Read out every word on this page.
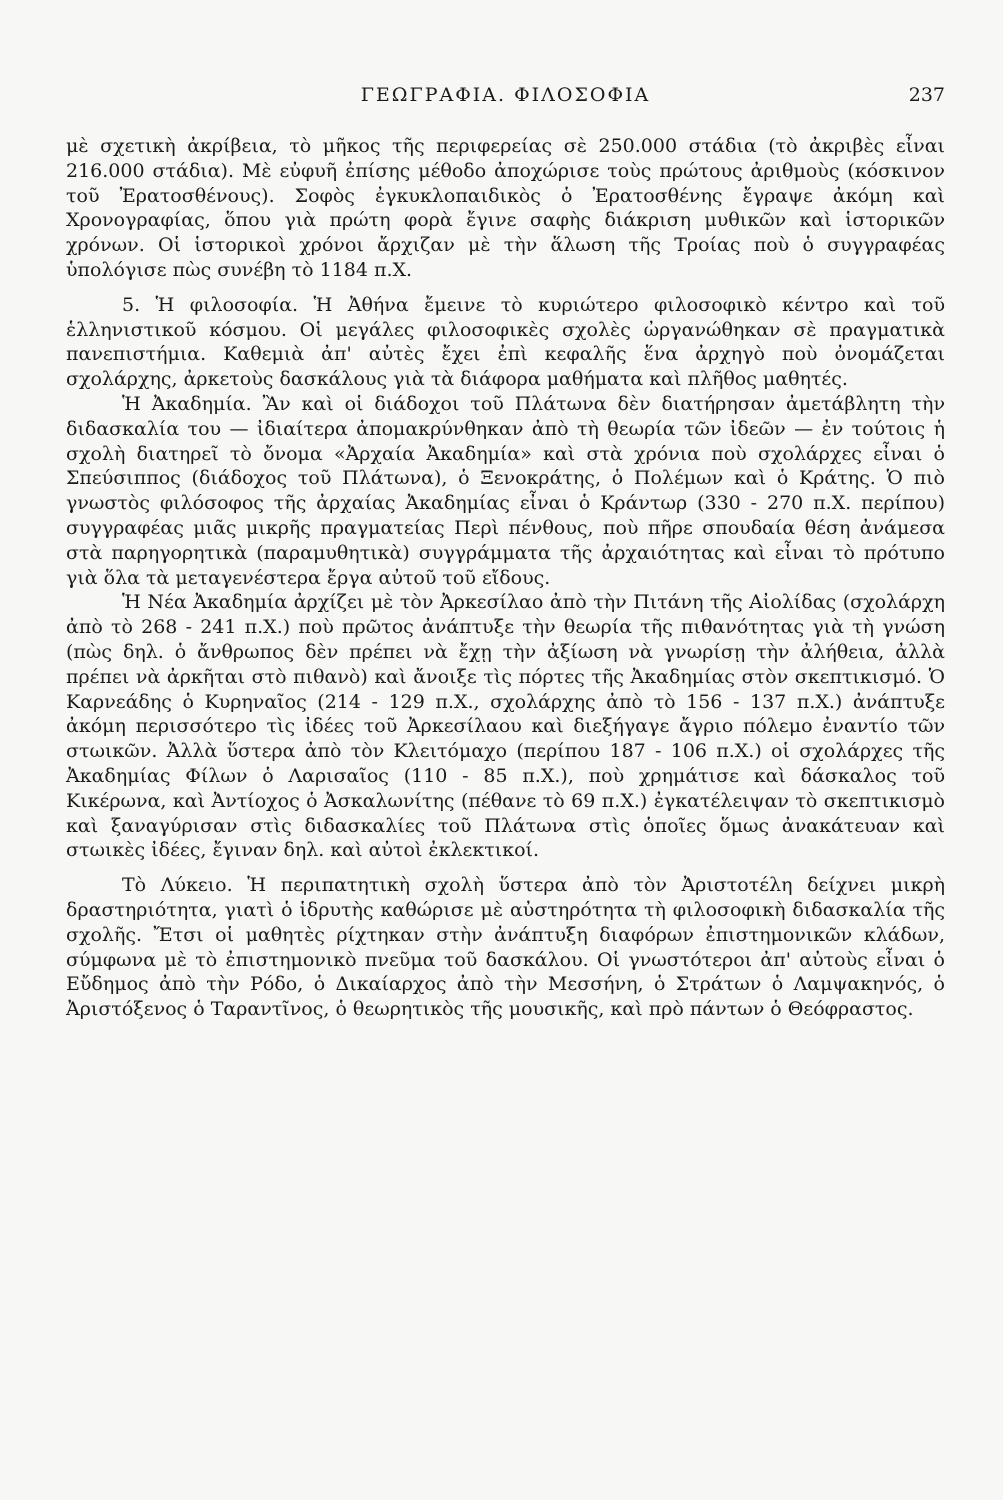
ΓΕΩΓΡΑΦΙΑ. ΦΙΛΟΣΟΦΙΑ	237

μὲ σχετικὴ ἀκρίβεια, τὸ μῆκος τῆς περιφερείας σὲ 250.000 στάδια (τὸ ἀκριβὲς εἶναι 216.000 στάδια). Μὲ εὐφυῆ ἐπίσης μέθοδο ἀποχώρισε τοὺς πρώτους ἀριθμοὺς (κόσκινον τοῦ Ἐρατοσθένους). Σοφὸς ἐγκυκλοπαιδικὸς ὁ Ἐρατοσθένης ἔγραψε ἀκόμη καὶ Χρονογραφίας, ὅπου γιὰ πρώτη φορὰ ἔγινε σαφὴς διάκριση μυθικῶν καὶ ἱστορικῶν χρόνων. Οἱ ἱστορικοὶ χρόνοι ἄρχιζαν μὲ τὴν ἅλωση τῆς Τροίας ποὺ ὁ συγγραφέας ὑπολόγισε πὼς συνέβη τὸ 1184 π.Χ.

5. Ἡ φιλοσοφία. Ἡ Ἀθήνα ἔμεινε τὸ κυριώτερο φιλοσοφικὸ κέντρο καὶ τοῦ ἑλληνιστικοῦ κόσμου. Οἱ μεγάλες φιλοσοφικὲς σχολὲς ὠργανώθηκαν σὲ πραγματικὰ πανεπιστήμια. Καθεμιὰ ἀπ' αὐτὲς ἔχει ἐπὶ κεφαλῆς ἕνα ἀρχηγὸ ποὺ ὀνομάζεται σχολάρχης, ἀρκετοὺς δασκάλους γιὰ τὰ διάφορα μαθήματα καὶ πλῆθος μαθητές.

Ἡ Ἀκαδημία. Ἂν καὶ οἱ διάδοχοι τοῦ Πλάτωνα δὲν διατήρησαν ἀμετάβλητη τὴν διδασκαλία του — ἰδιαίτερα ἀπομακρύνθηκαν ἀπὸ τὴ θεωρία τῶν ἰδεῶν — ἐν τούτοις ἡ σχολὴ διατηρεῖ τὸ ὄνομα «Ἀρχαία Ἀκαδημία» καὶ στὰ χρόνια ποὺ σχολάρχες εἶναι ὁ Σπεύσιππος (διάδοχος τοῦ Πλάτωνα), ὁ Ξενοκράτης, ὁ Πολέμων καὶ ὁ Κράτης. Ὁ πιὸ γνωστὸς φιλόσοφος τῆς ἀρχαίας Ἀκαδημίας εἶναι ὁ Κράντωρ (330 - 270 π.Χ. περίπου) συγγραφέας μιᾶς μικρῆς πραγματείας Περὶ πένθους, ποὺ πῆρε σπουδαία θέση ἀνάμεσα στὰ παρηγορητικὰ (παραμυθητικὰ) συγγράμματα τῆς ἀρχαιότητας καὶ εἶναι τὸ πρότυπο γιὰ ὅλα τὰ μεταγενέστερα ἔργα αὐτοῦ τοῦ εἴδους.

Ἡ Νέα Ἀκαδημία ἀρχίζει μὲ τὸν Ἀρκεσίλαο ἀπὸ τὴν Πιτάνη τῆς Αἰολίδας (σχολάρχη ἀπὸ τὸ 268 - 241 π.Χ.) ποὺ πρῶτος ἀνάπτυξε τὴν θεωρία τῆς πιθανότητας γιὰ τὴ γνώση (πὼς δηλ. ὁ ἄνθρωπος δὲν πρέπει νὰ ἔχῃ τὴν ἀξίωση νὰ γνωρίσῃ τὴν ἀλήθεια, ἀλλὰ πρέπει νὰ ἀρκῆται στὸ πιθανὸ) καὶ ἄνοιξε τὶς πόρτες τῆς Ἀκαδημίας στὸν σκεπτικισμό. Ὁ Καρνεάδης ὁ Κυρηναῖος (214 - 129 π.Χ., σχολάρχης ἀπὸ τὸ 156 - 137 π.Χ.) ἀνάπτυξε ἀκόμη περισσότερο τὶς ἰδέες τοῦ Ἀρκεσίλαου καὶ διεξήγαγε ἄγριο πόλεμο ἐναντίο τῶν στωικῶν. Ἀλλὰ ὕστερα ἀπὸ τὸν Κλειτόμαχο (περίπου 187 - 106 π.Χ.) οἱ σχολάρχες τῆς Ἀκαδημίας Φίλων ὁ Λαρισαῖος (110 - 85 π.Χ.), ποὺ χρημάτισε καὶ δάσκαλος τοῦ Κικέρωνα, καὶ Ἀντίοχος ὁ Ἀσκαλωνίτης (πέθανε τὸ 69 π.Χ.) ἐγκατέλειψαν τὸ σκεπτικισμὸ καὶ ξαναγύρισαν στὶς διδασκαλίες τοῦ Πλάτωνα στὶς ὁποῖες ὅμως ἀνακάτευαν καὶ στωικὲς ἰδέες, ἔγιναν δηλ. καὶ αὐτοὶ ἐκλεκτικοί.

Τὸ Λύκειο. Ἡ περιπατητικὴ σχολὴ ὕστερα ἀπὸ τὸν Ἀριστοτέλη δείχνει μικρὴ δραστηριότητα, γιατὶ ὁ ἱδρυτὴς καθώρισε μὲ αὐστηρότητα τὴ φιλοσοφικὴ διδασκαλία τῆς σχολῆς. Ἔτσι οἱ μαθητὲς ρίχτηκαν στὴν ἀνάπτυξη διαφόρων ἐπιστημονικῶν κλάδων, σύμφωνα μὲ τὸ ἐπιστημονικὸ πνεῦμα τοῦ δασκάλου. Οἱ γνωστότεροι ἀπ' αὐτοὺς εἶναι ὁ Εὔδημος ἀπὸ τὴν Ρόδο, ὁ Δικαίαρχος ἀπὸ τὴν Μεσσήνη, ὁ Στράτων ὁ Λαμψακηνός, ὁ Ἀριστόξενος ὁ Ταραντῖνος, ὁ θεωρητικὸς τῆς μουσικῆς, καὶ πρὸ πάντων ὁ Θεόφραστος.
